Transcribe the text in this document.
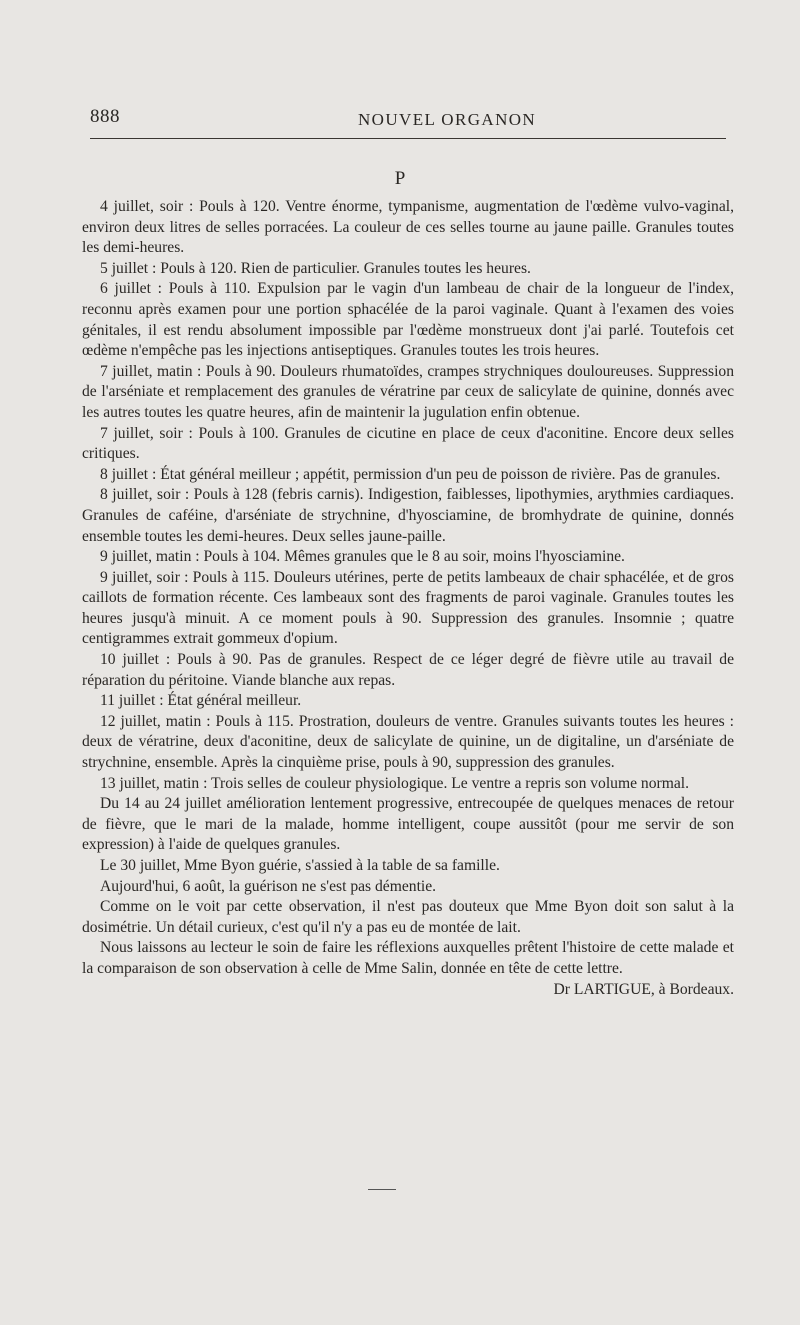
888	NOUVEL ORGANON
P

4 juillet, soir : Pouls à 120. Ventre énorme, tympanisme, augmentation de l'œdème vulvo-vaginal, environ deux litres de selles porracées. La couleur de ces selles tourne au jaune paille. Granules toutes les demi-heures.

5 juillet : Pouls à 120. Rien de particulier. Granules toutes les heures.

6 juillet : Pouls à 110. Expulsion par le vagin d'un lambeau de chair de la longueur de l'index, reconnu après examen pour une portion sphacélée de la paroi vaginale. Quant à l'examen des voies génitales, il est rendu absolument impossible par l'œdème monstrueux dont j'ai parlé. Toutefois cet œdème n'empêche pas les injections antiseptiques. Granules toutes les trois heures.

7 juillet, matin : Pouls à 90. Douleurs rhumatoïdes, crampes strychniques douloureuses. Suppression de l'arséniate et remplacement des granules de vératrine par ceux de salicylate de quinine, donnés avec les autres toutes les quatre heures, afin de maintenir la jugulation enfin obtenue.

7 juillet, soir : Pouls à 100. Granules de cicutine en place de ceux d'aconitine. Encore deux selles critiques.

8 juillet : État général meilleur ; appétit, permission d'un peu de poisson de rivière. Pas de granules.

8 juillet, soir : Pouls à 128 (febris carnis). Indigestion, faiblesses, lipothymies, arythmies cardiaques. Granules de caféine, d'arséniate de strychnine, d'hyosciamine, de bromhydrate de quinine, donnés ensemble toutes les demi-heures. Deux selles jaune-paille.

9 juillet, matin : Pouls à 104. Mêmes granules que le 8 au soir, moins l'hyosciamine.

9 juillet, soir : Pouls à 115. Douleurs utérines, perte de petits lambeaux de chair sphacélée, et de gros caillots de formation récente. Ces lambeaux sont des fragments de paroi vaginale. Granules toutes les heures jusqu'à minuit. A ce moment pouls à 90. Suppression des granules. Insomnie ; quatre centigrammes extrait gommeux d'opium.

10 juillet : Pouls à 90. Pas de granules. Respect de ce léger degré de fièvre utile au travail de réparation du péritoine. Viande blanche aux repas.

11 juillet : État général meilleur.

12 juillet, matin : Pouls à 115. Prostration, douleurs de ventre. Granules suivants toutes les heures : deux de vératrine, deux d'aconitine, deux de salicylate de quinine, un de digitaline, un d'arséniate de strychnine, ensemble. Après la cinquième prise, pouls à 90, suppression des granules.

13 juillet, matin : Trois selles de couleur physiologique. Le ventre a repris son volume normal.

Du 14 au 24 juillet amélioration lentement progressive, entrecoupée de quelques menaces de retour de fièvre, que le mari de la malade, homme intelligent, coupe aussitôt (pour me servir de son expression) à l'aide de quelques granules.

Le 30 juillet, Mme Byon guérie, s'assied à la table de sa famille.

Aujourd'hui, 6 août, la guérison ne s'est pas démentie.

Comme on le voit par cette observation, il n'est pas douteux que Mme Byon doit son salut à la dosimétrie. Un détail curieux, c'est qu'il n'y a pas eu de montée de lait.

Nous laissons au lecteur le soin de faire les réflexions auxquelles prêtent l'histoire de cette malade et la comparaison de son observation à celle de Mme Salin, donnée en tête de cette lettre.

Dr LARTIGUE, à Bordeaux.
